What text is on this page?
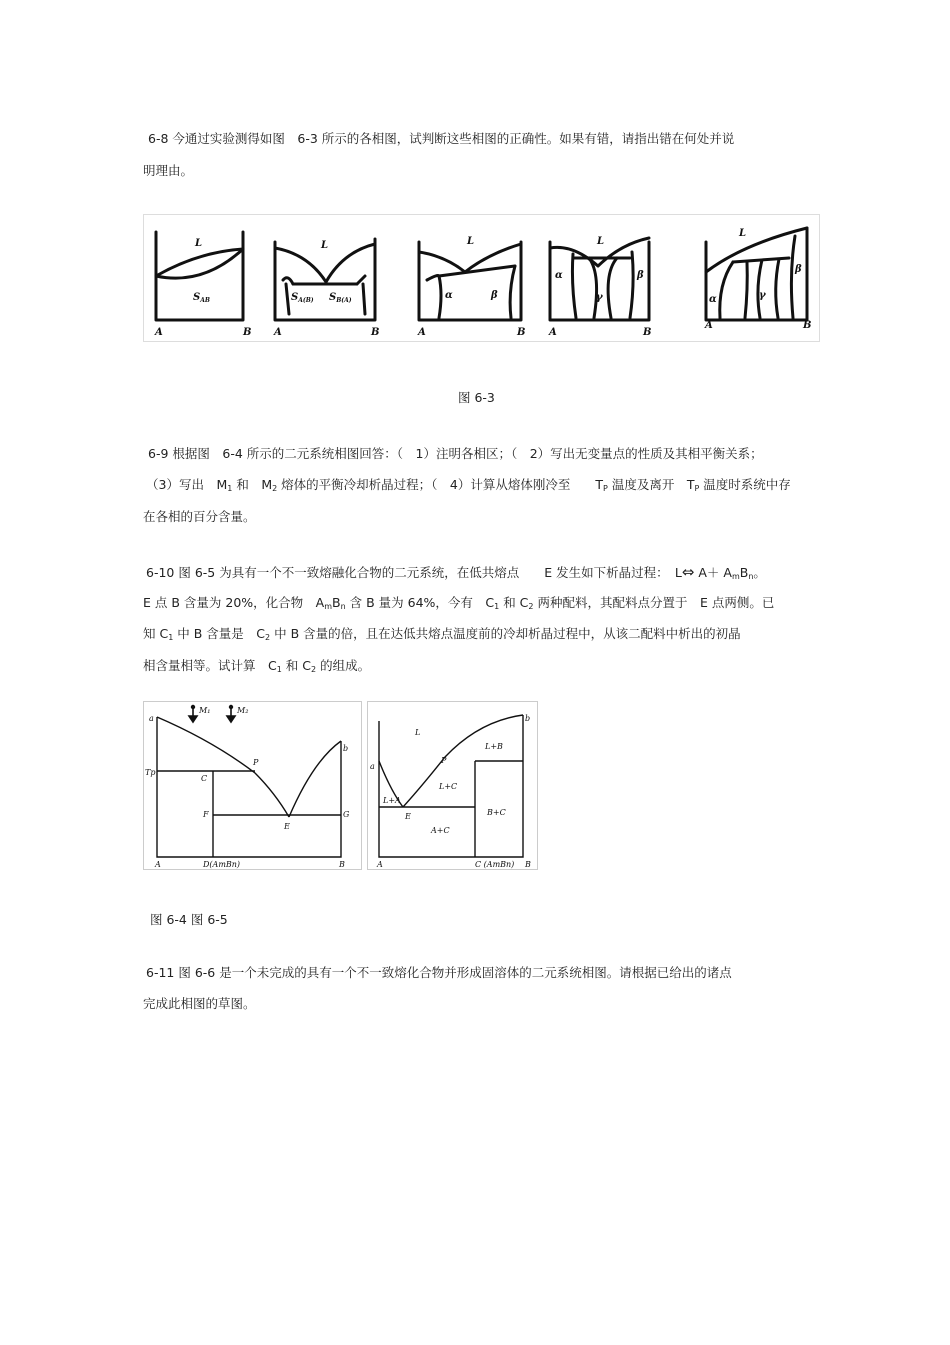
6-8 今通过实验测得如图　6-3 所示的各相图，试判断这些相图的正确性。如果有错，请指出错在何处并说
明理由。
L
$S_{AB}$
A	B
L
$S_{A(B)}$ $S_{B(A)}$
A	B
L
α	β
A	B
L
α	β
γ
A	B
L
α
β
γ
A	B
图 6-3
6-9 根据图　6-4 所示的二元系统相图回答：（　1）注明各相区；（　2）写出无变量点的性质及其相平衡关系；
（3）写出　$M_1$ 和　$M_2$ 熔体的平衡冷却析晶过程；（　4）计算从熔体刚冷至　　$T_P$ 温度及离开　$T_P$ 温度时系统中存
在各相的百分含量。
6-10 图 6-5 为具有一个不一致熔融化合物的二元系统，在低共熔点　　E 发生如下析晶过程：　L⇔ $A+ A_mB_n$。
E 点 B 含量为 20%，化合物　$A_mB_n$ 含 B 量为 64%，今有　$C_1$ 和 $C_2$ 两种配料，其配料点分置于　E 点两侧。已
知 $C_1$ 中 B 含量是　$C_2$ 中 B 含量的倍，且在达低共熔点温度前的冷却析晶过程中，从该二配料中析出的初晶
相含量相等。试计算　$C_1$ 和 $C_2$ 的组成。
M₁	M₂
a
b
Tp
C
P
F
E
G
A	D(AmBn)	B
L
L+B
a
b
P
L+A
L+C
E
A+C
B+C
A	C (AmBn) B
图 6-4 图 6-5
6-11 图 6-6 是一个未完成的具有一个不一致熔化合物并形成固溶体的二元系统相图。请根据已给出的诸点
完成此相图的草图。
